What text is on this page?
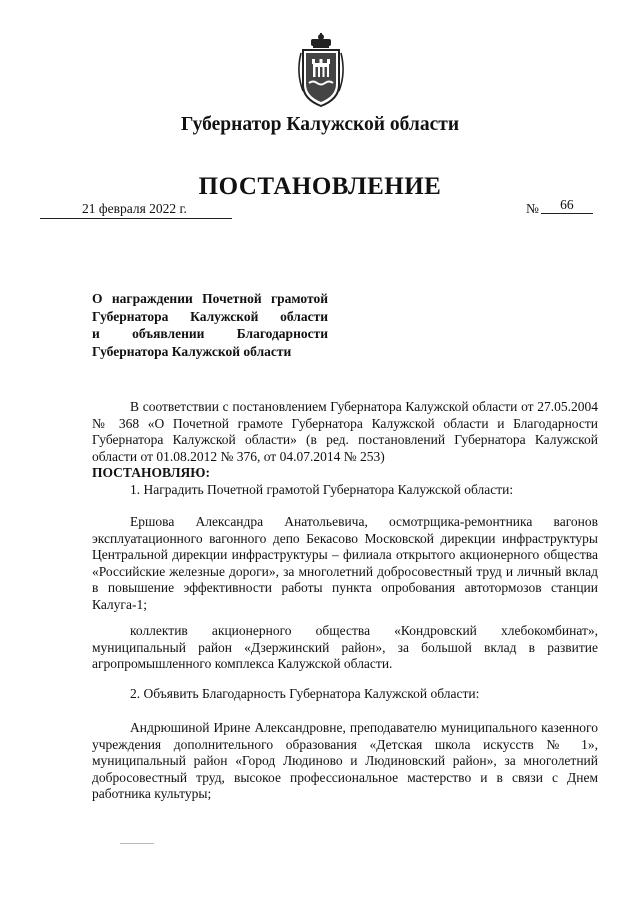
Губернатор Калужской области
ПОСТАНОВЛЕНИЕ
21 февраля 2022 г.	№ 66
О награждении Почетной грамотой
Губернатора Калужской области
и объявлении Благодарности
Губернатора Калужской области

В соответствии с постановлением Губернатора Калужской области от 27.05.2004 № 368 «О Почетной грамоте Губернатора Калужской области и Благодарности Губернатора Калужской области» (в ред. постановлений Губернатора Калужской области от 01.08.2012 № 376, от 04.07.2014 № 253)

ПОСТАНОВЛЯЮ:

1. Наградить Почетной грамотой Губернатора Калужской области:

Ершова Александра Анатольевича, осмотрщика-ремонтника вагонов эксплуатационного вагонного депо Бекасово Московской дирекции инфраструктуры Центральной дирекции инфраструктуры – филиала открытого акционерного общества «Российские железные дороги», за многолетний добросовестный труд и личный вклад в повышение эффективности работы пункта опробования автотормозов станции Калуга-1;

коллектив акционерного общества «Кондровский хлебокомбинат», муниципальный район «Дзержинский район», за большой вклад в развитие агропромышленного комплекса Калужской области.

2. Объявить Благодарность Губернатора Калужской области:

Андрюшиной Ирине Александровне, преподавателю муниципального казенного учреждения дополнительного образования «Детская школа искусств № 1», муниципальный район «Город Людиново и Людиновский район», за многолетний добросовестный труд, высокое профессиональное мастерство и в связи с Днем работника культуры;
